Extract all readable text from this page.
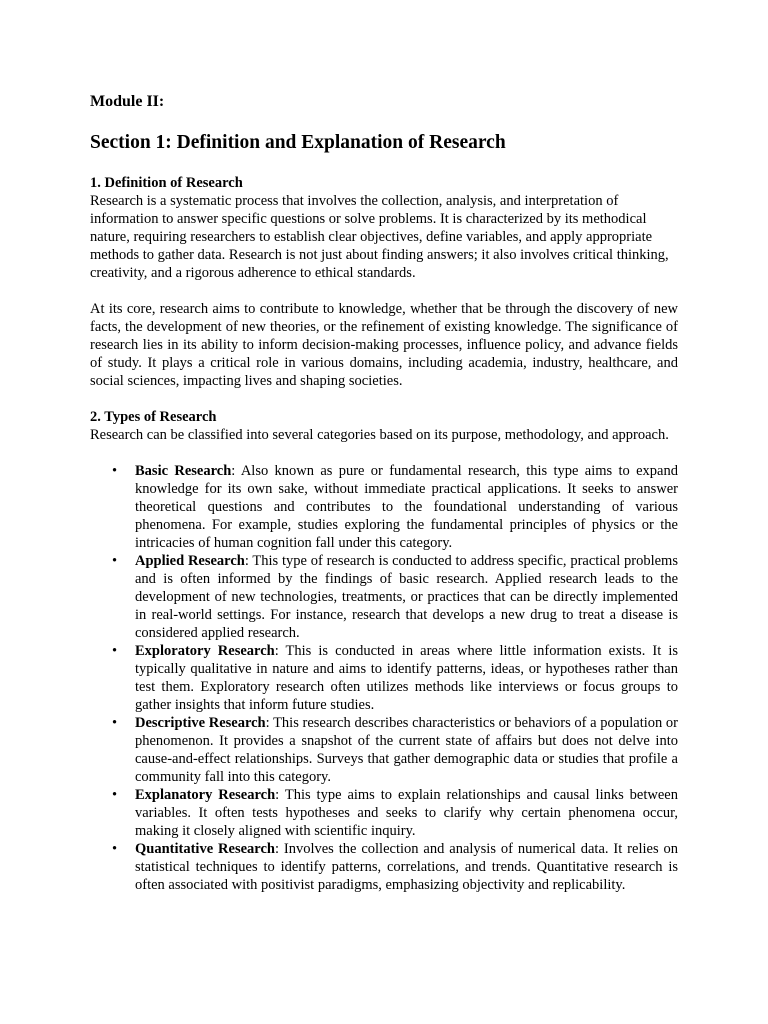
Module II:
Section 1: Definition and Explanation of Research
1. Definition of Research

Research is a systematic process that involves the collection, analysis, and interpretation of information to answer specific questions or solve problems. It is characterized by its methodical nature, requiring researchers to establish clear objectives, define variables, and apply appropriate methods to gather data. Research is not just about finding answers; it also involves critical thinking, creativity, and a rigorous adherence to ethical standards.

At its core, research aims to contribute to knowledge, whether that be through the discovery of new facts, the development of new theories, or the refinement of existing knowledge. The significance of research lies in its ability to inform decision-making processes, influence policy, and advance fields of study. It plays a critical role in various domains, including academia, industry, healthcare, and social sciences, impacting lives and shaping societies.

2. Types of Research

Research can be classified into several categories based on its purpose, methodology, and approach.

• Basic Research: Also known as pure or fundamental research, this type aims to expand knowledge for its own sake, without immediate practical applications. It seeks to answer theoretical questions and contributes to the foundational understanding of various phenomena. For example, studies exploring the fundamental principles of physics or the intricacies of human cognition fall under this category.
• Applied Research: This type of research is conducted to address specific, practical problems and is often informed by the findings of basic research. Applied research leads to the development of new technologies, treatments, or practices that can be directly implemented in real-world settings. For instance, research that develops a new drug to treat a disease is considered applied research.
• Exploratory Research: This is conducted in areas where little information exists. It is typically qualitative in nature and aims to identify patterns, ideas, or hypotheses rather than test them. Exploratory research often utilizes methods like interviews or focus groups to gather insights that inform future studies.
• Descriptive Research: This research describes characteristics or behaviors of a population or phenomenon. It provides a snapshot of the current state of affairs but does not delve into cause-and-effect relationships. Surveys that gather demographic data or studies that profile a community fall into this category.
• Explanatory Research: This type aims to explain relationships and causal links between variables. It often tests hypotheses and seeks to clarify why certain phenomena occur, making it closely aligned with scientific inquiry.
• Quantitative Research: Involves the collection and analysis of numerical data. It relies on statistical techniques to identify patterns, correlations, and trends. Quantitative research is often associated with positivist paradigms, emphasizing objectivity and replicability.
